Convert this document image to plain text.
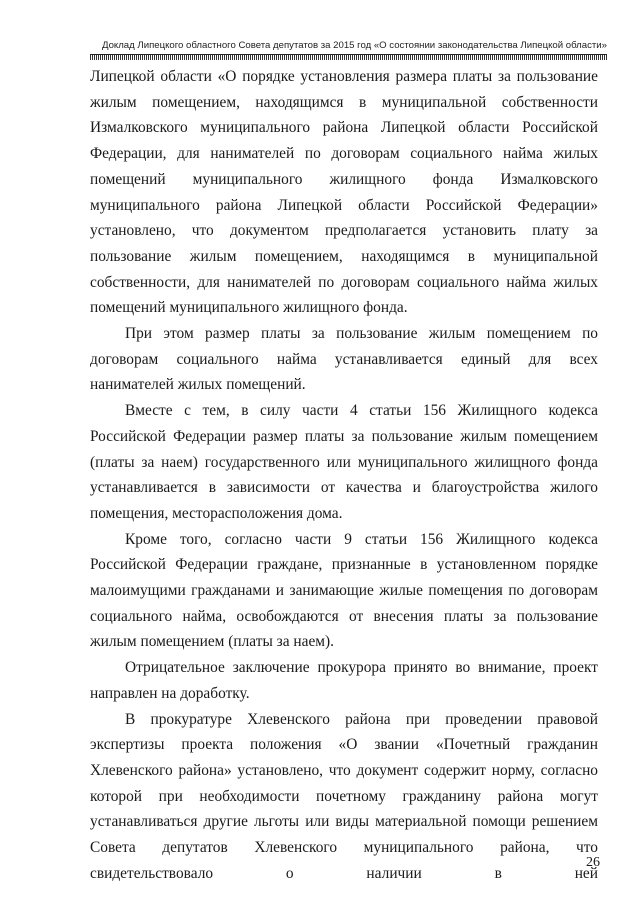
Доклад Липецкого областного Совета депутатов за 2015 год «О состоянии законодательства Липецкой области»

Липецкой области «О порядке установления размера платы за пользование жилым помещением, находящимся в муниципальной собственности Измалковского муниципального района Липецкой области Российской Федерации, для нанимателей по договорам социального найма жилых помещений муниципального жилищного фонда Измалковского муниципального района Липецкой области Российской Федерации» установлено, что документом предполагается установить плату за пользование жилым помещением, находящимся в муниципальной собственности, для нанимателей по договорам социального найма жилых помещений муниципального жилищного фонда.

При этом размер платы за пользование жилым помещением по договорам социального найма устанавливается единый для всех нанимателей жилых помещений.

Вместе с тем, в силу части 4 статьи 156 Жилищного кодекса Российской Федерации размер платы за пользование жилым помещением (платы за наем) государственного или муниципального жилищного фонда устанавливается в зависимости от качества и благоустройства жилого помещения, месторасположения дома.

Кроме того, согласно части 9 статьи 156 Жилищного кодекса Российской Федерации граждане, признанные в установленном порядке малоимущими гражданами и занимающие жилые помещения по договорам социального найма, освобождаются от внесения платы за пользование жилым помещением (платы за наем).

Отрицательное заключение прокурора принято во внимание, проект направлен на доработку.

В прокуратуре Хлевенского района при проведении правовой экспертизы проекта положения «О звании «Почетный гражданин Хлевенского района» установлено, что документ содержит норму, согласно которой при необходимости почетному гражданину района могут устанавливаться другие льготы или виды материальной помощи решением Совета депутатов Хлевенского муниципального района, что свидетельствовало о наличии в ней

26
